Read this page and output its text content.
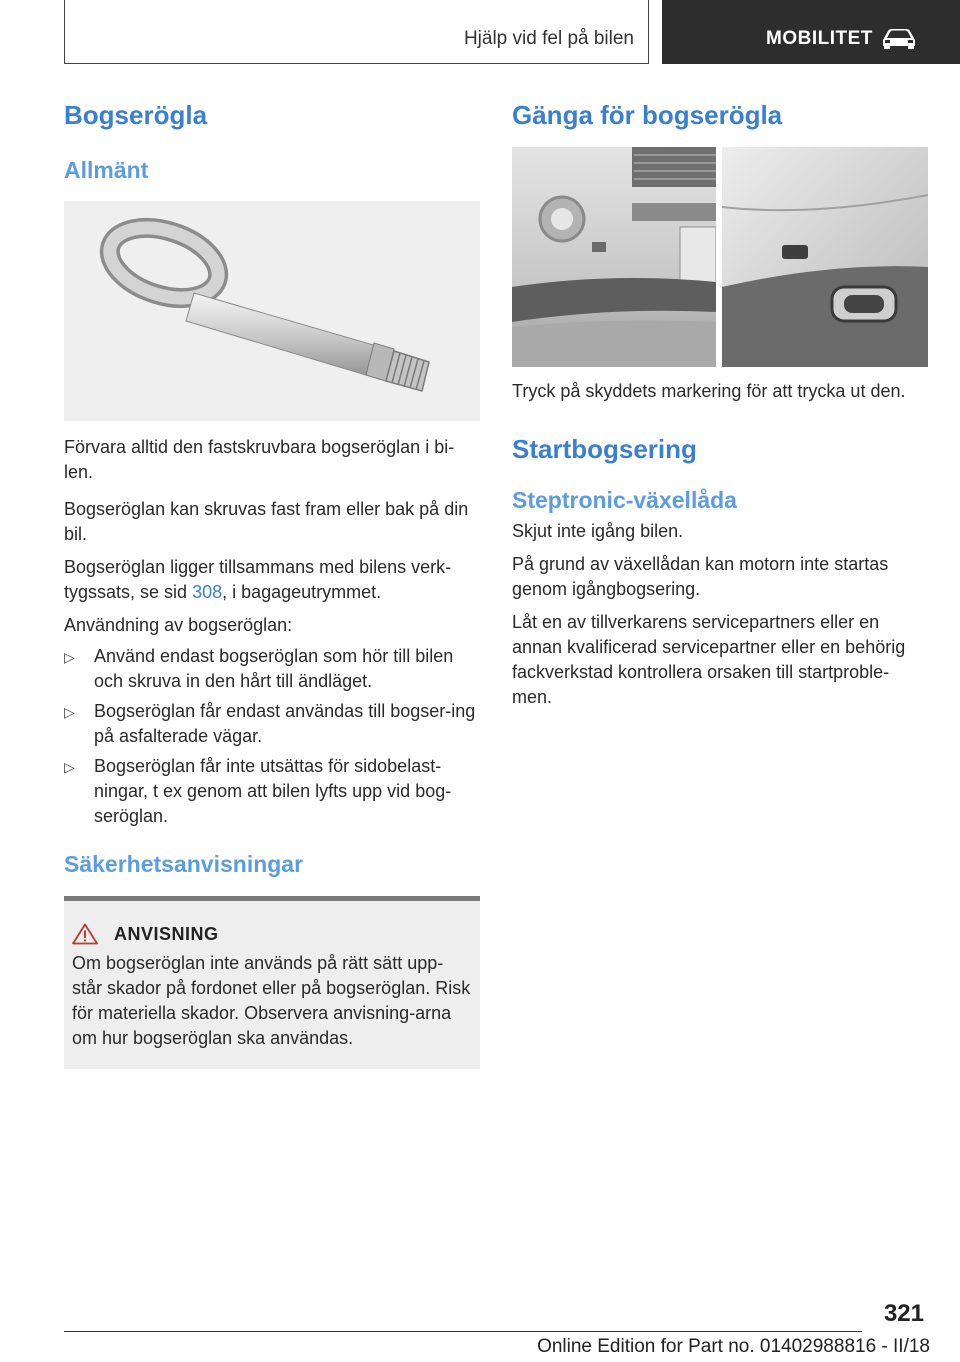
Hjälp vid fel på bilen	MOBILITET
Bogserögla
Allmänt

Förvara alltid den fastskruvbara bogseröglan i bi-len.

Bogseröglan kan skruvas fast fram eller bak på din bil.

Bogseröglan ligger tillsammans med bilens verk-tygssats, se sid 308, i bagageutrymmet.

Användning av bogseröglan:

▷ Använd endast bogseröglan som hör till bilen och skruva in den hårt till ändläget.
▷ Bogseröglan får endast användas till bogser-ing på asfalterade vägar.
▷ Bogseröglan får inte utsättas för sidobelast-ningar, t ex genom att bilen lyfts upp vid bog-seröglan.
Säkerhetsanvisningar
ANVISNING

Om bogseröglan inte används på rätt sätt upp-står skador på fordonet eller på bogseröglan. Risk för materiella skador. Observera anvisning-arna om hur bogseröglan ska användas.

Gänga för bogserögla

Tryck på skyddets markering för att trycka ut den.

Startbogsering
Steptronic-växellåda

Skjut inte igång bilen.

På grund av växellådan kan motorn inte startas genom igångbogsering.

Låt en av tillverkarens servicepartners eller en annan kvalificerad servicepartner eller en behörig fackverkstad kontrollera orsaken till startproble-men.

321
Online Edition for Part no. 01402988816 - II/18
